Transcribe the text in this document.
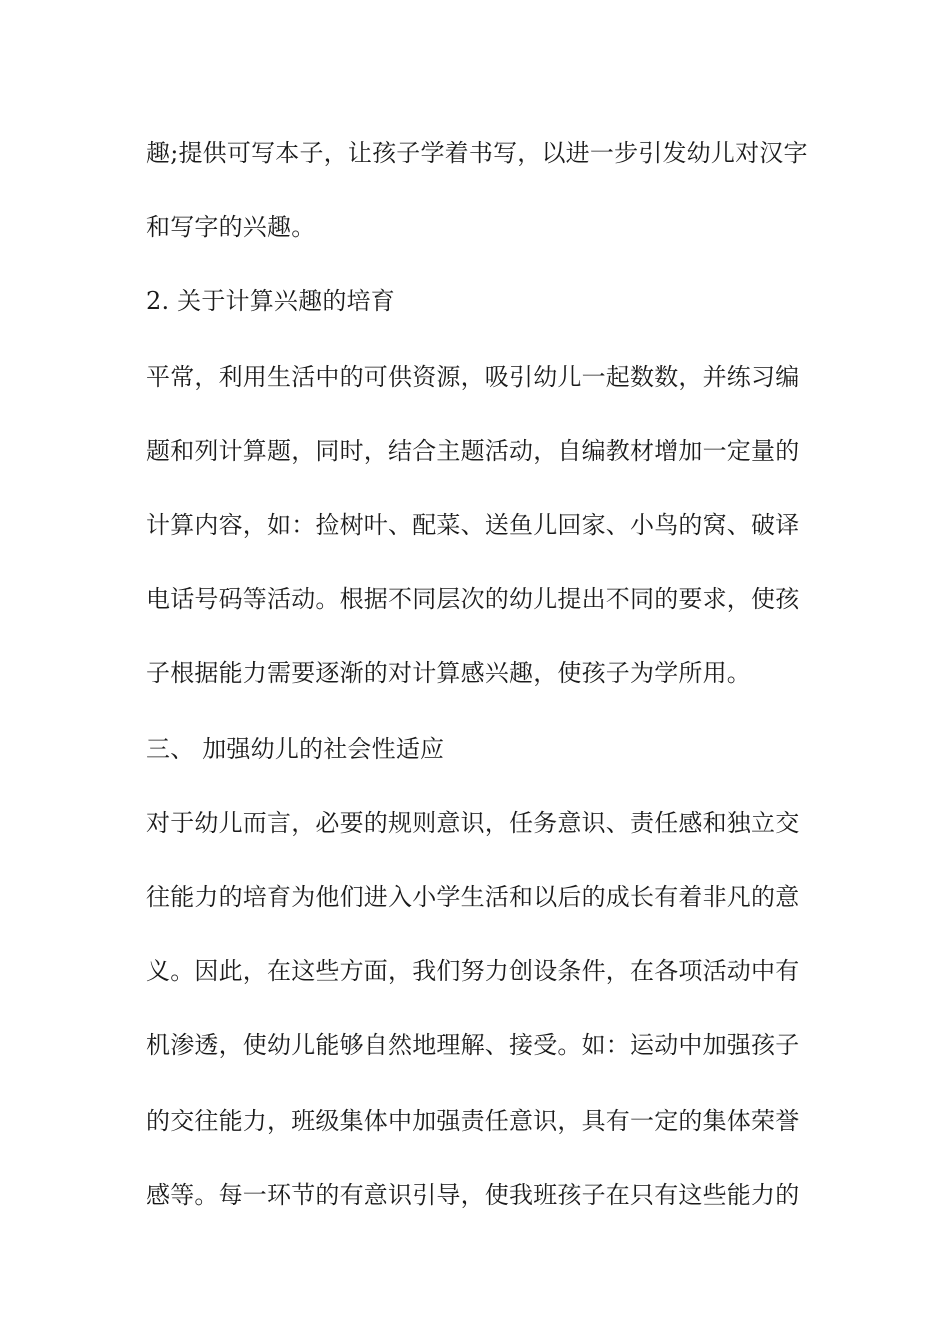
趣;提供可写本子，让孩子学着书写，以进一步引发幼儿对汉字
和写字的兴趣。
2. 关于计算兴趣的培育
平常，利用生活中的可供资源，吸引幼儿一起数数，并练习编
题和列计算题，同时，结合主题活动，自编教材增加一定量的
计算内容，如：捡树叶、配菜、送鱼儿回家、小鸟的窝、破译
电话号码等活动。根据不同层次的幼儿提出不同的要求，使孩
子根据能力需要逐渐的对计算感兴趣，使孩子为学所用。
三、 加强幼儿的社会性适应
对于幼儿而言，必要的规则意识，任务意识、责任感和独立交
往能力的培育为他们进入小学生活和以后的成长有着非凡的意
义。因此，在这些方面，我们努力创设条件，在各项活动中有
机渗透，使幼儿能够自然地理解、接受。如：运动中加强孩子
的交往能力，班级集体中加强责任意识，具有一定的集体荣誉
感等。每一环节的有意识引导，使我班孩子在只有这些能力的
